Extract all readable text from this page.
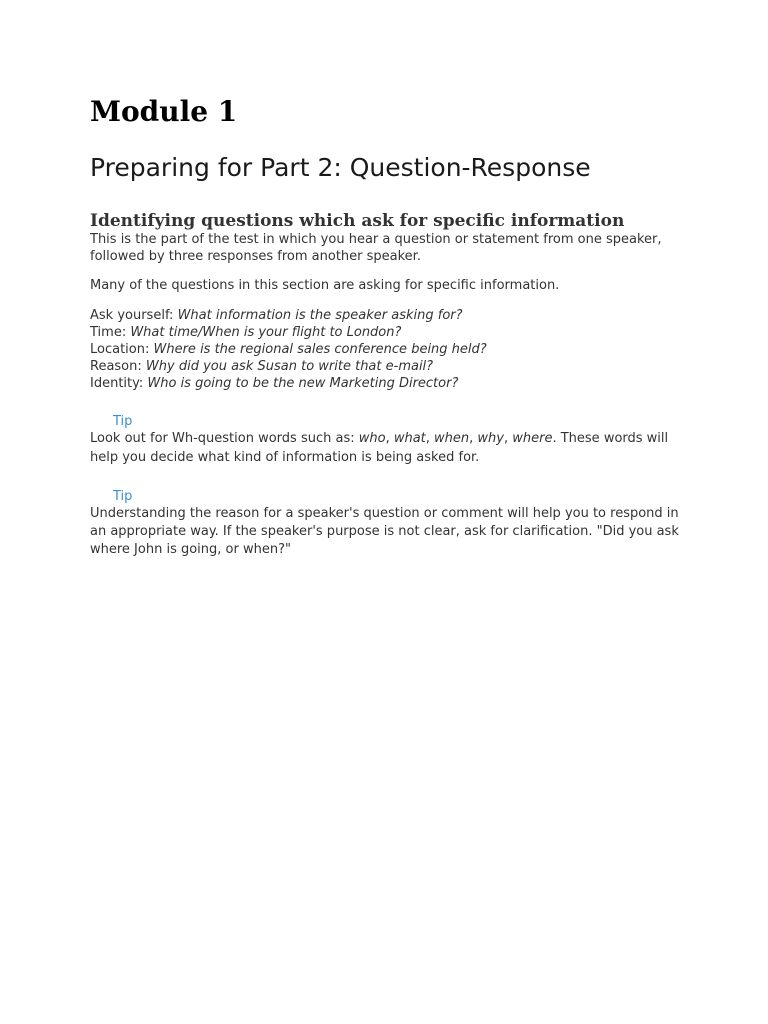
Module 1
Preparing for Part 2: Question-Response
Identifying questions which ask for specific information

This is the part of the test in which you hear a question or statement from one speaker, followed by three responses from another speaker.

Many of the questions in this section are asking for specific information.

Ask yourself: What information is the speaker asking for?
Time: What time/When is your flight to London?
Location: Where is the regional sales conference being held?
Reason: Why did you ask Susan to write that e-mail?
Identity: Who is going to be the new Marketing Director?
Tip

Look out for Wh-question words such as: who, what, when, why, where. These words will help you decide what kind of information is being asked for.

Tip

Understanding the reason for a speaker's question or comment will help you to respond in an appropriate way. If the speaker's purpose is not clear, ask for clarification. "Did you ask where John is going, or when?"
